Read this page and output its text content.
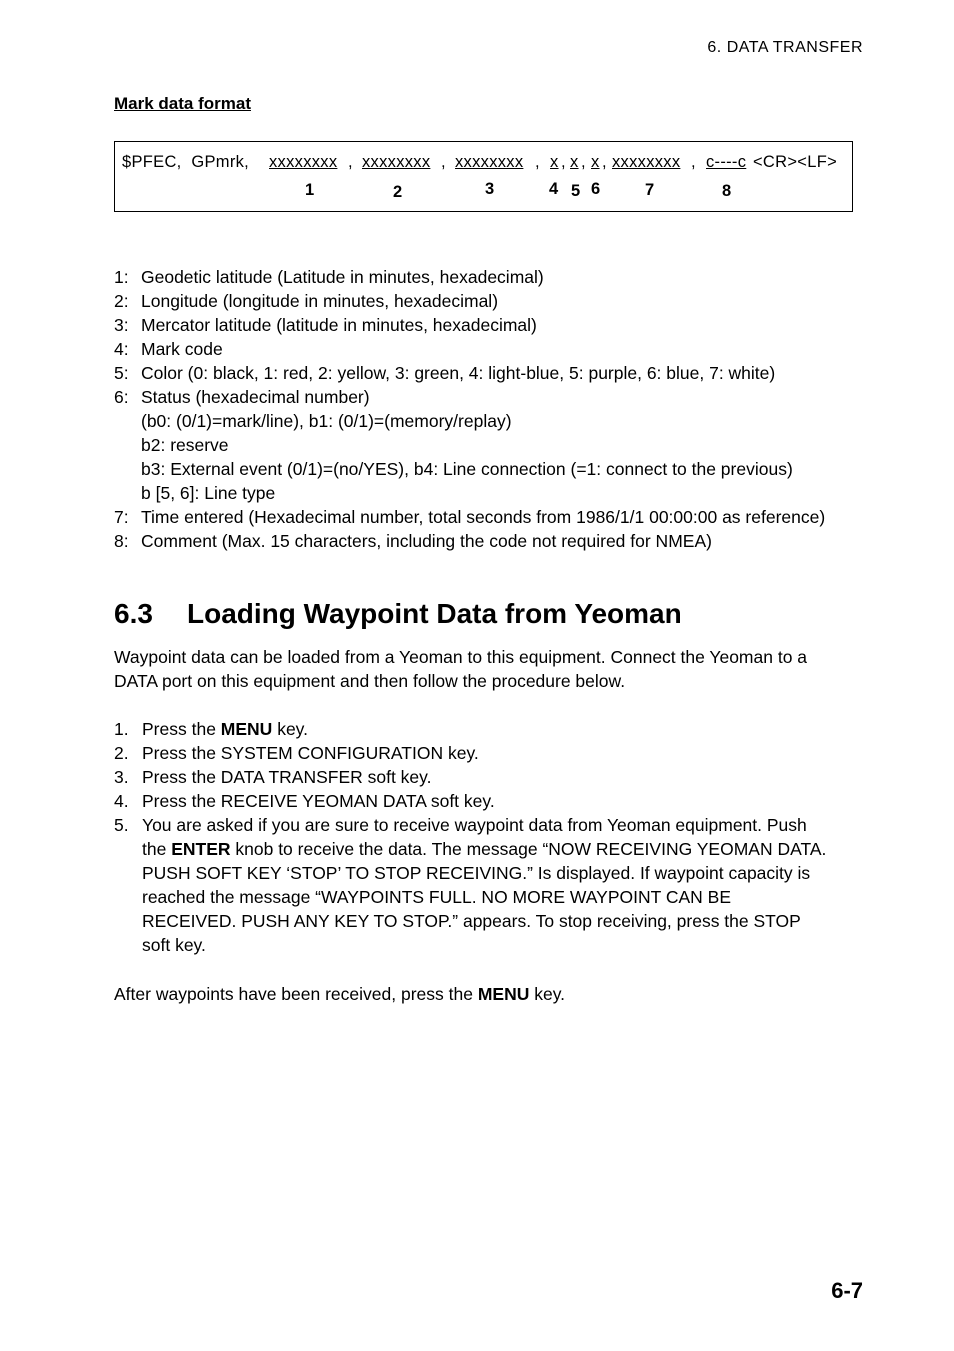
6. DATA TRANSFER
Mark data format
$PFEC,  GPmrk, xxxxxxxx , xxxxxxxx , xxxxxxxx , x , x , x , xxxxxxxx , c----c <CR><LF>
1	2	3	4 5 6	7	8
1: Geodetic latitude (Latitude in minutes, hexadecimal)
2: Longitude (longitude in minutes, hexadecimal)
3: Mercator latitude (latitude in minutes, hexadecimal)
4: Mark code
5: Color (0: black, 1: red, 2: yellow, 3: green, 4: light-blue, 5: purple, 6: blue, 7: white)
6: Status (hexadecimal number)
(b0: (0/1)=mark/line), b1: (0/1)=(memory/replay)
b2: reserve
b3: External event (0/1)=(no/YES), b4: Line connection (=1: connect to the previous)
b [5, 6]: Line type
7: Time entered (Hexadecimal number, total seconds from 1986/1/1 00:00:00 as reference)
8: Comment (Max. 15 characters, including the code not required for NMEA)
6.3 Loading Waypoint Data from Yeoman
Waypoint data can be loaded from a Yeoman to this equipment. Connect the Yeoman to a
DATA port on this equipment and then follow the procedure below.
1. Press the MENU key.
2. Press the SYSTEM CONFIGURATION key.
3. Press the DATA TRANSFER soft key.
4. Press the RECEIVE YEOMAN DATA soft key.
5. You are asked if you are sure to receive waypoint data from Yeoman equipment. Push
the ENTER knob to receive the data. The message “NOW RECEIVING YEOMAN DATA.
PUSH SOFT KEY ‘STOP’ TO STOP RECEIVING.” Is displayed. If waypoint capacity is
reached the message “WAYPOINTS FULL. NO MORE WAYPOINT CAN BE
RECEIVED. PUSH ANY KEY TO STOP.” appears. To stop receiving, press the STOP
soft key.
After waypoints have been received, press the MENU key.
6-7
